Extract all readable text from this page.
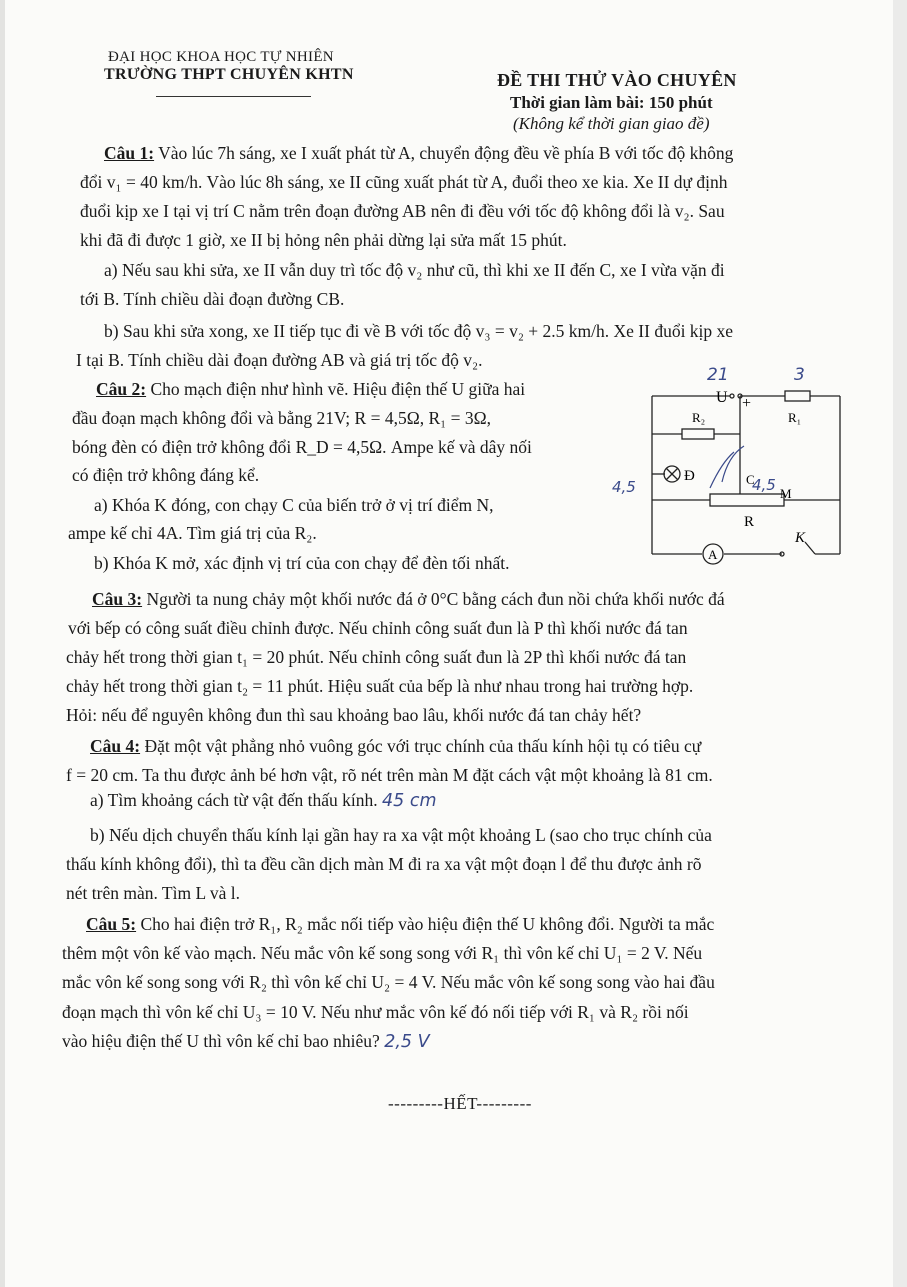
ĐẠI HỌC KHOA HỌC TỰ NHIÊN
TRƯỜNG THPT CHUYÊN KHTN	ĐỀ THI THỬ VÀO CHUYÊN
Thời gian làm bài: 150 phút
(Không kể thời gian giao đề)
Câu 1: Vào lúc 7h sáng, xe I xuất phát từ A, chuyển động đều về phía B với tốc độ không
đổi v₁ = 40 km/h. Vào lúc 8h sáng, xe II cũng xuất phát từ A, đuổi theo xe kia. Xe II dự định
đuổi kịp xe I tại vị trí C nằm trên đoạn đường AB nên đi đều với tốc độ không đổi là v₂. Sau
khi đã đi được 1 giờ, xe II bị hỏng nên phải dừng lại sửa mất 15 phút.
a) Nếu sau khi sửa, xe II vẫn duy trì tốc độ v₂ như cũ, thì khi xe II đến C, xe I vừa vặn đi
tới B. Tính chiều dài đoạn đường CB.
b) Sau khi sửa xong, xe II tiếp tục đi về B với tốc độ v₃ = v₂ + 2.5 km/h. Xe II đuổi kịp xe
I tại B. Tính chiều dài đoạn đường AB và giá trị tốc độ v₂.
Câu 2: Cho mạch điện như hình vẽ. Hiệu điện thế U giữa hai
đầu đoạn mạch không đổi và bằng 21V; R = 4,5Ω, R₁ = 3Ω,
bóng đèn có điện trở không đổi R_D = 4,5Ω. Ampe kế và dây nối
có điện trở không đáng kể.
a) Khóa K đóng, con chạy C của biến trở ở vị trí điểm N,
ampe kế chỉ 4A. Tìm giá trị của R₂.
b) Khóa K mở, xác định vị trí của con chạy để đèn tối nhất.
U +
R₂	R₁
Đ	C
M
R
K
A
21	3
4,5	4,5
Câu 3: Người ta nung chảy một khối nước đá ở 0°C bằng cách đun nồi chứa khối nước đá
với bếp có công suất điều chỉnh được. Nếu chỉnh công suất đun là P thì khối nước đá tan
chảy hết trong thời gian t₁ = 20 phút. Nếu chỉnh công suất đun là 2P thì khối nước đá tan
chảy hết trong thời gian t₂ = 11 phút. Hiệu suất của bếp là như nhau trong hai trường hợp.
Hỏi: nếu để nguyên không đun thì sau khoảng bao lâu, khối nước đá tan chảy hết?
Câu 4: Đặt một vật phẳng nhỏ vuông góc với trục chính của thấu kính hội tụ có tiêu cự
f = 20 cm. Ta thu được ảnh bé hơn vật, rõ nét trên màn M đặt cách vật một khoảng là 81 cm.
a) Tìm khoảng cách từ vật đến thấu kính. 45 cm
b) Nếu dịch chuyển thấu kính lại gần hay ra xa vật một khoảng L (sao cho trục chính của
thấu kính không đổi), thì ta đều cần dịch màn M đi ra xa vật một đoạn l để thu được ảnh rõ
nét trên màn. Tìm L và l.
Câu 5: Cho hai điện trở R₁, R₂ mắc nối tiếp vào hiệu điện thế U không đổi. Người ta mắc
thêm một vôn kế vào mạch. Nếu mắc vôn kế song song với R₁ thì vôn kế chỉ U₁ = 2 V. Nếu
mắc vôn kế song song với R₂ thì vôn kế chỉ U₂ = 4 V. Nếu mắc vôn kế song song vào hai đầu
đoạn mạch thì vôn kế chỉ U₃ = 10 V. Nếu như mắc vôn kế đó nối tiếp với R₁ và R₂ rồi nối
vào hiệu điện thế U thì vôn kế chỉ bao nhiêu? 2,5 V
---------HẾT---------
